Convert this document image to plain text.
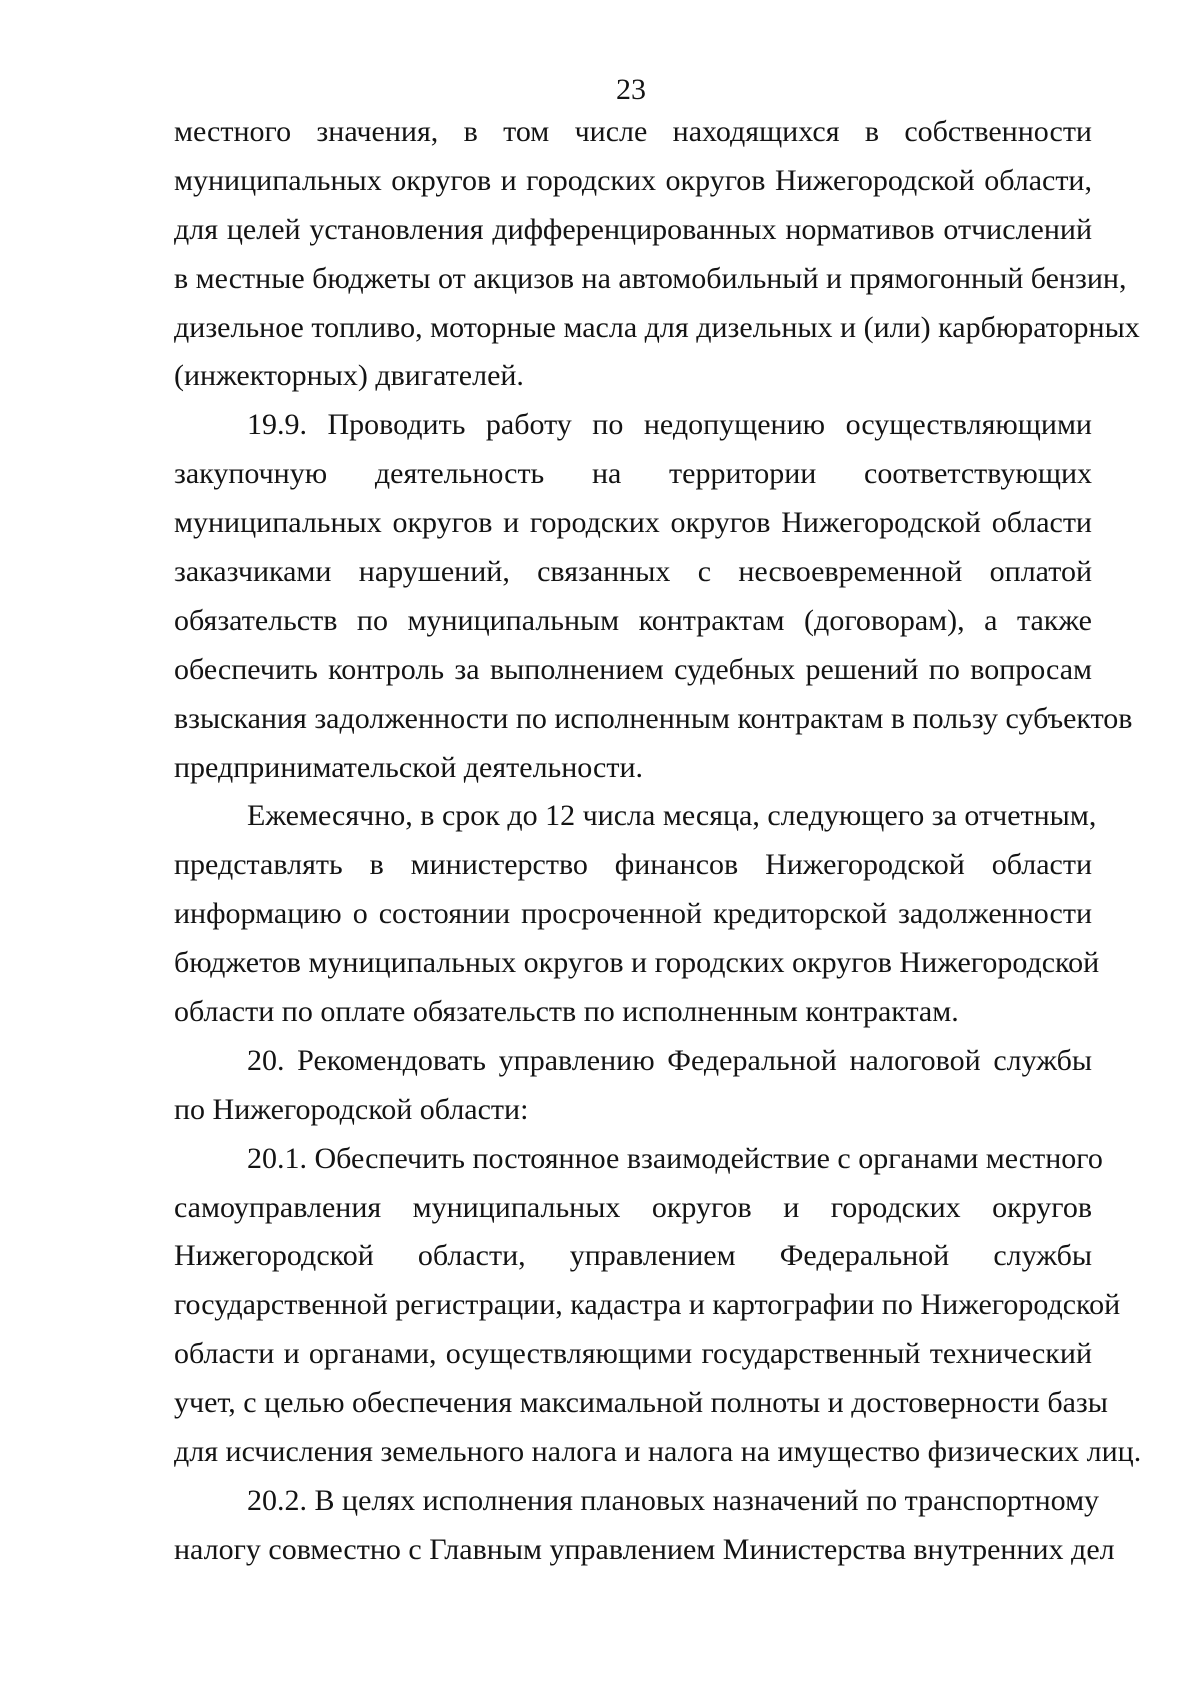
23
местного значения, в том числе находящихся в собственности
муниципальных округов и городских округов Нижегородской области,
для целей установления дифференцированных нормативов отчислений
в местные бюджеты от акцизов на автомобильный и прямогонный бензин,
дизельное топливо, моторные масла для дизельных и (или) карбюраторных
(инжекторных) двигателей.
19.9. Проводить работу по недопущению осуществляющими
закупочную деятельность на территории соответствующих
муниципальных округов и городских округов Нижегородской области
заказчиками нарушений, связанных с несвоевременной оплатой
обязательств по муниципальным контрактам (договорам), а также
обеспечить контроль за выполнением судебных решений по вопросам
взыскания задолженности по исполненным контрактам в пользу субъектов
предпринимательской деятельности.
Ежемесячно, в срок до 12 числа месяца, следующего за отчетным,
представлять в министерство финансов Нижегородской области
информацию о состоянии просроченной кредиторской задолженности
бюджетов муниципальных округов и городских округов Нижегородской
области по оплате обязательств по исполненным контрактам.
20. Рекомендовать управлению Федеральной налоговой службы
по Нижегородской области:
20.1. Обеспечить постоянное взаимодействие с органами местного
самоуправления муниципальных округов и городских округов
Нижегородской области, управлением Федеральной службы
государственной регистрации, кадастра и картографии по Нижегородской
области и органами, осуществляющими государственный технический
учет, с целью обеспечения максимальной полноты и достоверности базы
для исчисления земельного налога и налога на имущество физических лиц.
20.2. В целях исполнения плановых назначений по транспортному
налогу совместно с Главным управлением Министерства внутренних дел
